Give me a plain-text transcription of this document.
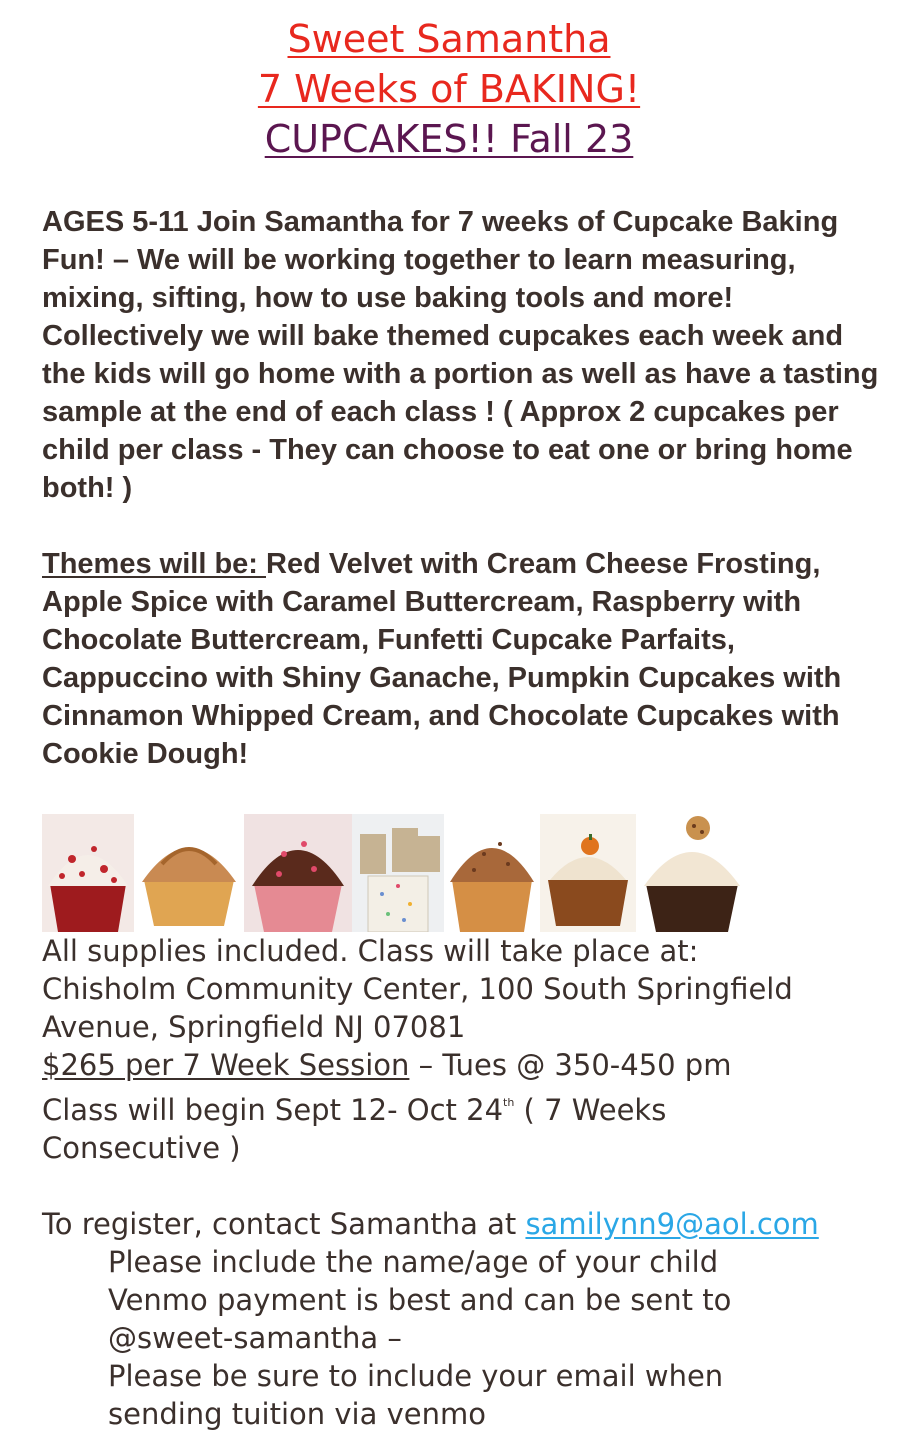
Sweet Samantha
7 Weeks of BAKING!
CUPCAKES!! Fall 23

AGES 5-11 Join Samantha for 7 weeks of Cupcake Baking Fun! – We will be working together to learn measuring, mixing, sifting, how to use baking tools and more! Collectively we will bake themed cupcakes each week and the kids will go home with a portion as well as have a tasting sample at the end of each class ! ( Approx 2 cupcakes per child per class - They can choose to eat one or bring home both! )

Themes will be: Red Velvet with Cream Cheese Frosting, Apple Spice with Caramel Buttercream, Raspberry with Chocolate Buttercream, Funfetti Cupcake Parfaits, Cappuccino with Shiny Ganache, Pumpkin Cupcakes with Cinnamon Whipped Cream, and Chocolate Cupcakes with Cookie Dough!

All supplies included. Class will take place at:

Chisholm Community Center, 100 South Springfield

Avenue, Springfield NJ 07081

$265 per 7 Week Session – Tues @ 350-450 pm

Class will begin Sept 12- Oct 24th ( 7 Weeks

Consecutive )

To register, contact Samantha at samilynn9@aol.com

Please include the name/age of your child

Venmo payment is best and can be sent to

@sweet-samantha –

Please be sure to include your email when

sending tuition via venmo
